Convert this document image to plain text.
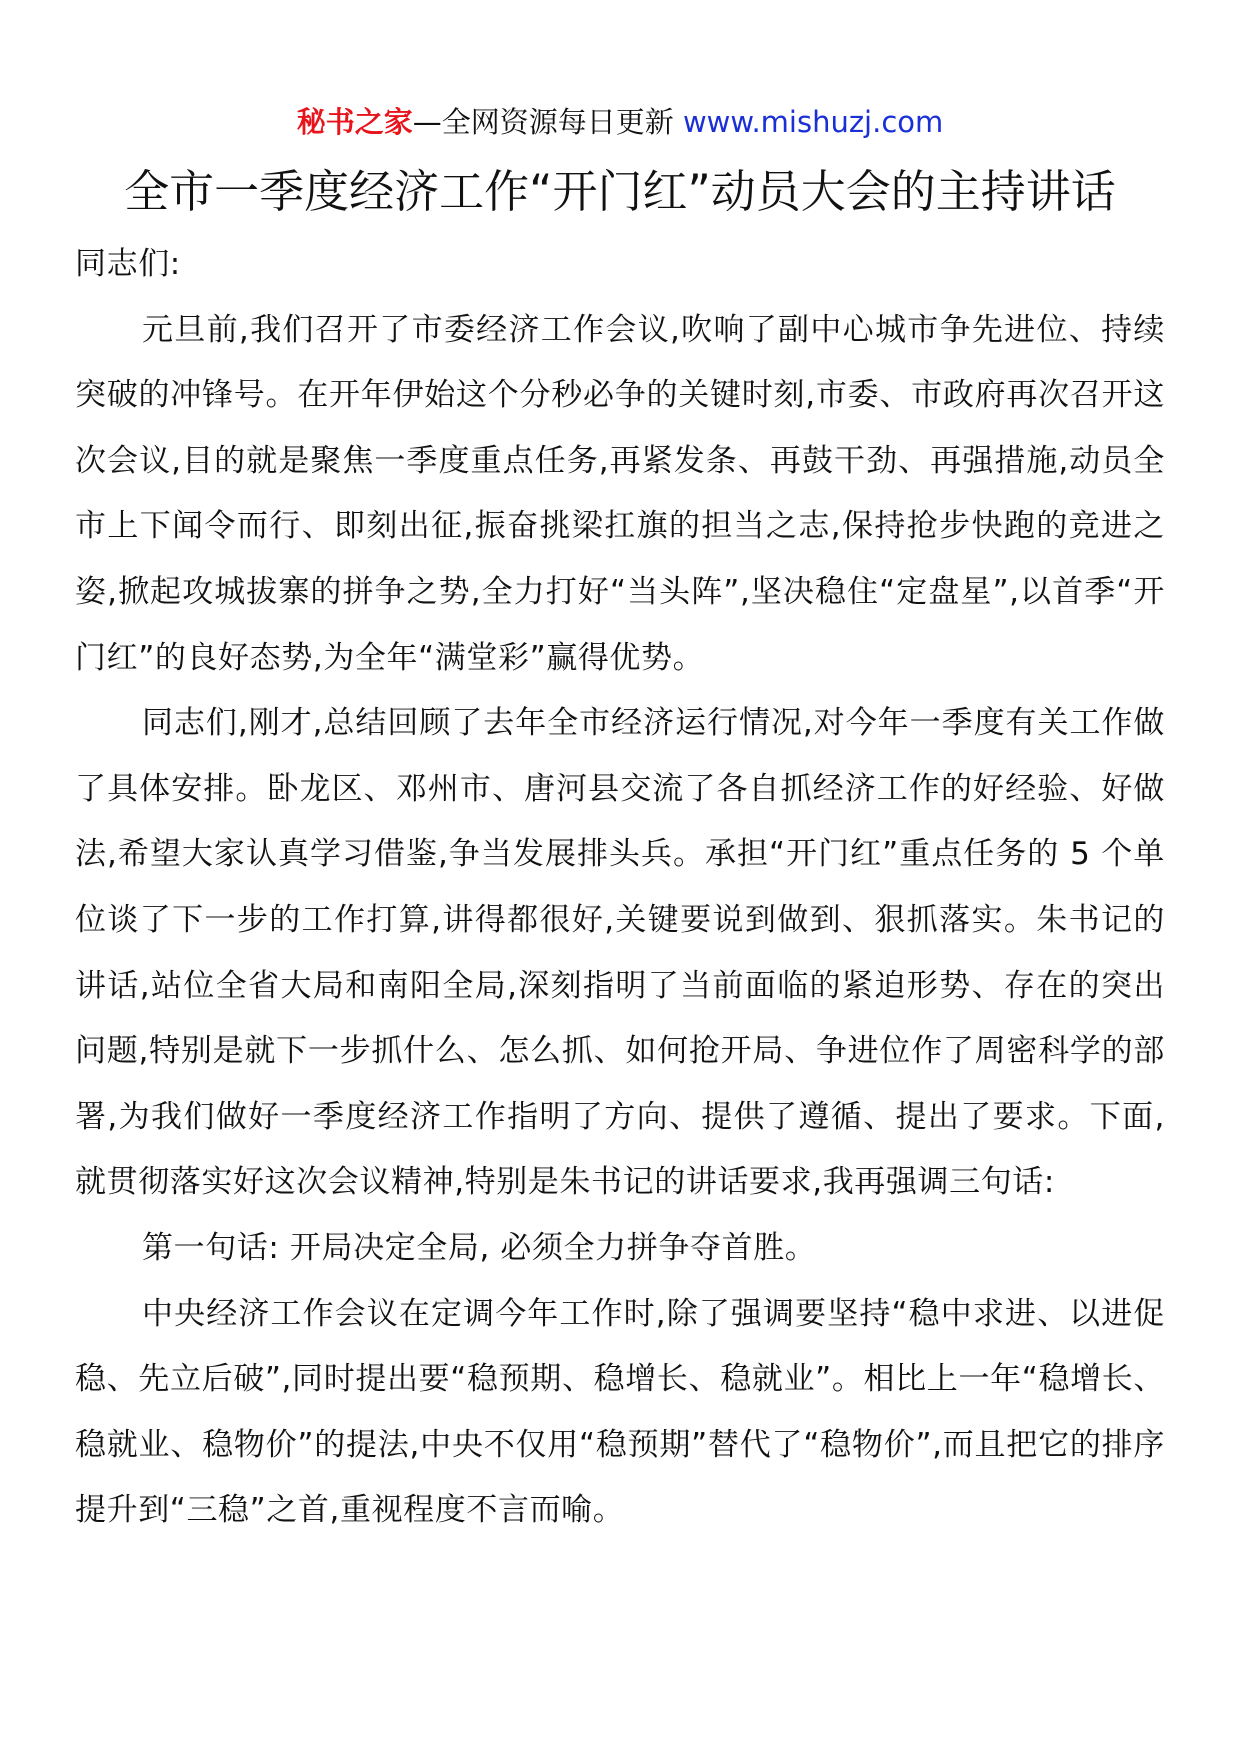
秘书之家—全网资源每日更新 www.mishuzj.com
全市一季度经济工作“开门红”动员大会的主持讲话

同志们:

元旦前,我们召开了市委经济工作会议,吹响了副中心城市争先进位、持续突破的冲锋号。在开年伊始这个分秒必争的关键时刻,市委、市政府再次召开这次会议,目的就是聚焦一季度重点任务,再紧发条、再鼓干劲、再强措施,动员全市上下闻令而行、即刻出征,振奋挑梁扛旗的担当之志,保持抢步快跑的竞进之姿,掀起攻城拔寨的拼争之势,全力打好“当头阵”,坚决稳住“定盘星”,以首季“开门红”的良好态势,为全年“满堂彩”赢得优势。

同志们,刚才,总结回顾了去年全市经济运行情况,对今年一季度有关工作做了具体安排。卧龙区、邓州市、唐河县交流了各自抓经济工作的好经验、好做法,希望大家认真学习借鉴,争当发展排头兵。承担“开门红”重点任务的 5 个单位谈了下一步的工作打算,讲得都很好,关键要说到做到、狠抓落实。朱书记的讲话,站位全省大局和南阳全局,深刻指明了当前面临的紧迫形势、存在的突出问题,特别是就下一步抓什么、怎么抓、如何抢开局、争进位作了周密科学的部署,为我们做好一季度经济工作指明了方向、提供了遵循、提出了要求。下面,就贯彻落实好这次会议精神,特别是朱书记的讲话要求,我再强调三句话:

第一句话: 开局决定全局, 必须全力拼争夺首胜。

中央经济工作会议在定调今年工作时,除了强调要坚持“稳中求进、以进促稳、先立后破”,同时提出要“稳预期、稳增长、稳就业”。相比上一年“稳增长、稳就业、稳物价”的提法,中央不仅用“稳预期”替代了“稳物价”,而且把它的排序提升到“三稳”之首,重视程度不言而喻。
